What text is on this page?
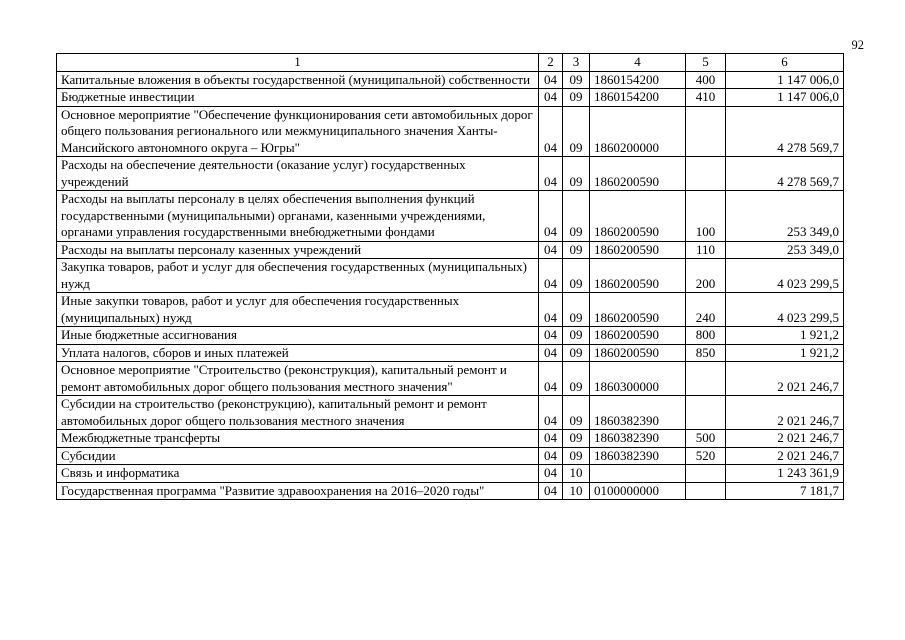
92
1	2	3	4	5	6
Капитальные вложения в объекты государственной (муниципальной) собственности	04	09	1860154200	400	1 147 006,0
Бюджетные инвестиции	04	09	1860154200	410	1 147 006,0
Основное мероприятие "Обеспечение функционирования сети автомобильных дорог общего пользования регионального или межмуниципального значения Ханты-Мансийского автономного округа – Югры"	04	09	1860200000		4 278 569,7
Расходы на обеспечение деятельности (оказание услуг) государственных учреждений	04	09	1860200590		4 278 569,7
Расходы на выплаты персоналу в целях обеспечения выполнения функций государственными (муниципальными) органами, казенными учреждениями, органами управления государственными внебюджетными фондами	04	09	1860200590	100	253 349,0
Расходы на выплаты персоналу казенных учреждений	04	09	1860200590	110	253 349,0
Закупка товаров, работ и услуг для обеспечения государственных (муниципальных) нужд	04	09	1860200590	200	4 023 299,5
Иные закупки товаров, работ и услуг для обеспечения государственных (муниципальных) нужд	04	09	1860200590	240	4 023 299,5
Иные бюджетные ассигнования	04	09	1860200590	800	1 921,2
Уплата налогов, сборов и иных платежей	04	09	1860200590	850	1 921,2
Основное мероприятие "Строительство (реконструкция), капитальный ремонт и ремонт автомобильных дорог общего пользования местного значения"	04	09	1860300000		2 021 246,7
Субсидии на строительство (реконструкцию), капитальный ремонт и ремонт автомобильных дорог общего пользования местного значения	04	09	1860382390		2 021 246,7
Межбюджетные трансферты	04	09	1860382390	500	2 021 246,7
Субсидии	04	09	1860382390	520	2 021 246,7
Связь и информатика	04	10			1 243 361,9
Государственная программа "Развитие здравоохранения на 2016–2020 годы"	04	10	0100000000		7 181,7
